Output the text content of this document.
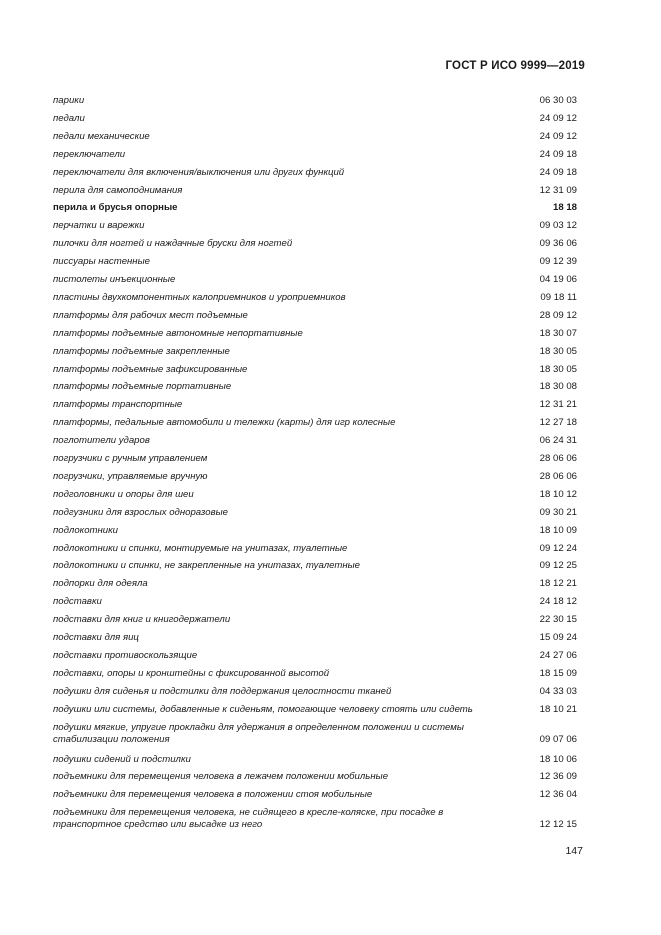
ГОСТ Р ИСО 9999—2019
парики	06 30 03
педали	24 09 12
педали механические	24 09 12
переключатели	24 09 18
переключатели для включения/выключения или других функций	24 09 18
перила для самоподнимания	12 31 09
перила и брусья опорные	18 18
перчатки и варежки	09 03 12
пилочки для ногтей и наждачные бруски для ногтей	09 36 06
писсуары настенные	09 12 39
пистолеты инъекционные	04 19 06
пластины двухкомпонентных калоприемников и уроприемников	09 18 11
платформы для рабочих мест подъемные	28 09 12
платформы подъемные автономные непортативные	18 30 07
платформы подъемные закрепленные	18 30 05
платформы подъемные зафиксированные	18 30 05
платформы подъемные портативные	18 30 08
платформы транспортные	12 31 21
платформы, педальные автомобили и тележки (карты) для игр колесные	12 27 18
поглотители ударов	06 24 31
погрузчики с ручным управлением	28 06 06
погрузчики, управляемые вручную	28 06 06
подголовники и опоры для шеи	18 10 12
подгузники для взрослых одноразовые	09 30 21
подлокотники	18 10 09
подлокотники и спинки, монтируемые на унитазах, туалетные	09 12 24
подлокотники и спинки, не закрепленные на унитазах, туалетные	09 12 25
подпорки для одеяла	18 12 21
подставки	24 18 12
подставки для книг и книгодержатели	22 30 15
подставки для яиц	15 09 24
подставки противоскользящие	24 27 06
подставки, опоры и кронштейны с фиксированной высотой	18 15 09
подушки для сиденья и подстилки для поддержания целостности тканей	04 33 03
подушки или системы, добавленные к сиденьям, помогающие человеку стоять или сидеть	18 10 21
подушки мягкие, упругие прокладки для удержания в определенном положении и системы стабилизации положения	09 07 06
подушки сидений и подстилки	18 10 06
подъемники для перемещения человека в лежачем положении мобильные	12 36 09
подъемники для перемещения человека в положении стоя мобильные	12 36 04
подъемники для перемещения человека, не сидящего в кресле-коляске, при посадке в транспортное средство или высадке из него	12 12 15
147
